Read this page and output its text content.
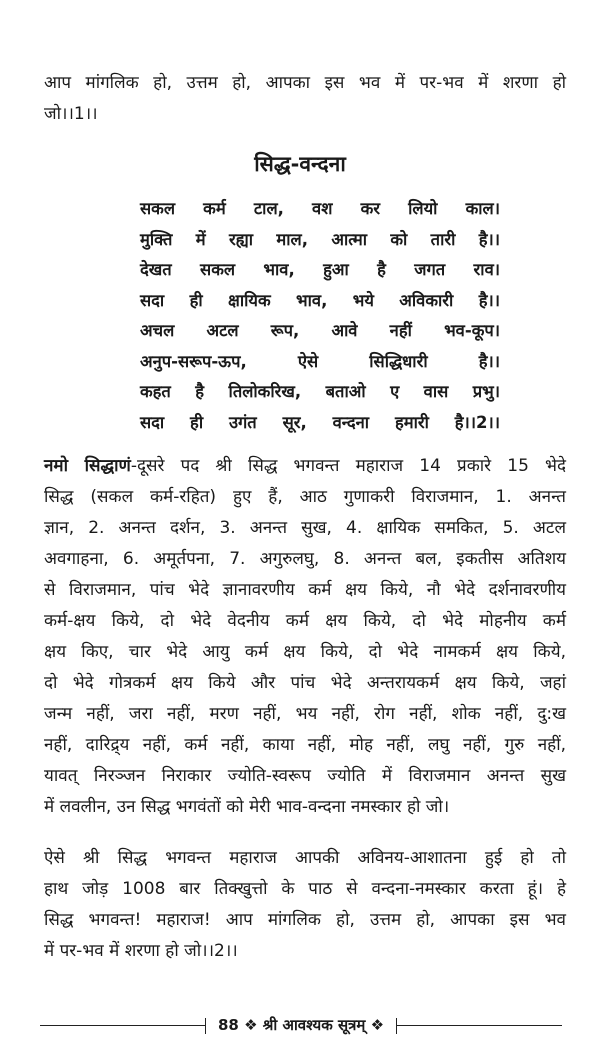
आप मांगलिक हो, उत्तम हो, आपका इस भव में पर-भव में शरणा हो
जो।।1।।
सिद्ध-वन्दना
सकल कर्म टाल, वश कर लियो काल।
मुक्ति में रह्या माल, आत्मा को तारी है।।
देखत सकल भाव, हुआ है जगत राव।
सदा ही क्षायिक भाव, भये अविकारी है।।
अचल अटल रूप, आवे नहीं भव-कूप।
अनुप-सरूप-ऊप, ऐसे सिद्धिधारी है।।
कहत है तिलोकरिख, बताओ ए वास प्रभु।
सदा ही उगंत सूर, वन्दना हमारी है।।2।।
नमो सिद्धाणं-दूसरे पद श्री सिद्ध भगवन्त महाराज 14 प्रकारे 15 भेदे
सिद्ध (सकल कर्म-रहित) हुए हैं, आठ गुणाकरी विराजमान, 1. अनन्त
ज्ञान, 2. अनन्त दर्शन, 3. अनन्त सुख, 4. क्षायिक समकित, 5. अटल
अवगाहना, 6. अमूर्तपना, 7. अगुरुलघु, 8. अनन्त बल, इकतीस अतिशय
से विराजमान, पांच भेदे ज्ञानावरणीय कर्म क्षय किये, नौ भेदे दर्शनावरणीय
कर्म-क्षय किये, दो भेदे वेदनीय कर्म क्षय किये, दो भेदे मोहनीय कर्म
क्षय किए, चार भेदे आयु कर्म क्षय किये, दो भेदे नामकर्म क्षय किये,
दो भेदे गोत्रकर्म क्षय किये और पांच भेदे अन्तरायकर्म क्षय किये, जहां
जन्म नहीं, जरा नहीं, मरण नहीं, भय नहीं, रोग नहीं, शोक नहीं, दु:ख
नहीं, दारिद्र्य नहीं, कर्म नहीं, काया नहीं, मोह नहीं, लघु नहीं, गुरु नहीं,
यावत् निरञ्जन निराकार ज्योति-स्वरूप ज्योति में विराजमान अनन्त सुख
में लवलीन, उन सिद्ध भगवंतों को मेरी भाव-वन्दना नमस्कार हो जो।
ऐसे श्री सिद्ध भगवन्त महाराज आपकी अविनय-आशातना हुई हो तो
हाथ जोड़ 1008 बार तिक्खुत्तो के पाठ से वन्दना-नमस्कार करता हूं। हे
सिद्ध भगवन्त! महाराज! आप मांगलिक हो, उत्तम हो, आपका इस भव
में पर-भव में शरणा हो जो।।2।।
88 ❖ श्री आवश्यक सूत्रम् ❖
